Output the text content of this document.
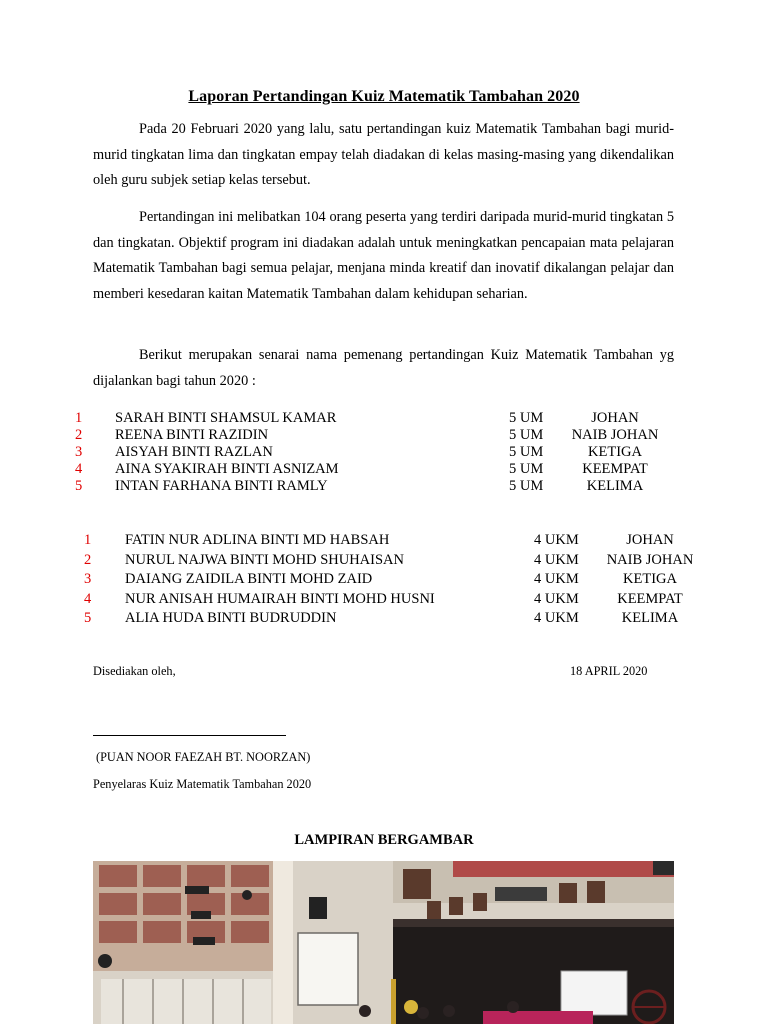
Laporan Pertandingan Kuiz Matematik Tambahan 2020

Pada 20 Februari 2020 yang lalu, satu pertandingan kuiz Matematik Tambahan bagi murid-murid tingkatan lima dan tingkatan empay telah diadakan di kelas masing-masing yang dikendalikan oleh guru subjek setiap kelas tersebut.

Pertandingan ini melibatkan 104 orang peserta yang terdiri daripada murid-murid tingkatan 5 dan tingkatan. Objektif program ini diadakan adalah untuk meningkatkan pencapaian mata pelajaran Matematik Tambahan bagi semua pelajar, menjana minda kreatif dan inovatif dikalangan pelajar dan memberi kesedaran kaitan Matematik Tambahan dalam kehidupan seharian.

Berikut merupakan senarai nama pemenang pertandingan Kuiz Matematik Tambahan yg dijalankan bagi tahun 2020 :

1 SARAH BINTI SHAMSUL KAMAR	5 UM	JOHAN
2 REENA BINTI RAZIDIN	5 UM	NAIB JOHAN
3 AISYAH BINTI RAZLAN	5 UM	KETIGA
4 AINA SYAKIRAH BINTI ASNIZAM	5 UM	KEEMPAT
5 INTAN FARHANA BINTI RAMLY	5 UM	KELIMA
1 FATIN NUR ADLINA BINTI MD HABSAH	4 UKM	JOHAN
2 NURUL NAJWA BINTI MOHD SHUHAISAN	4 UKM	NAIB JOHAN
3 DAIANG ZAIDILA BINTI MOHD ZAID	4 UKM	KETIGA
4 NUR ANISAH HUMAIRAH BINTI MOHD HUSNI	4 UKM	KEEMPAT
5 ALIA HUDA BINTI BUDRUDDIN	4 UKM	KELIMA
Disediakan oleh,	18 APRIL 2020
(PUAN NOOR FAEZAH BT. NOORZAN)
Penyelaras Kuiz Matematik Tambahan 2020
LAMPIRAN BERGAMBAR
